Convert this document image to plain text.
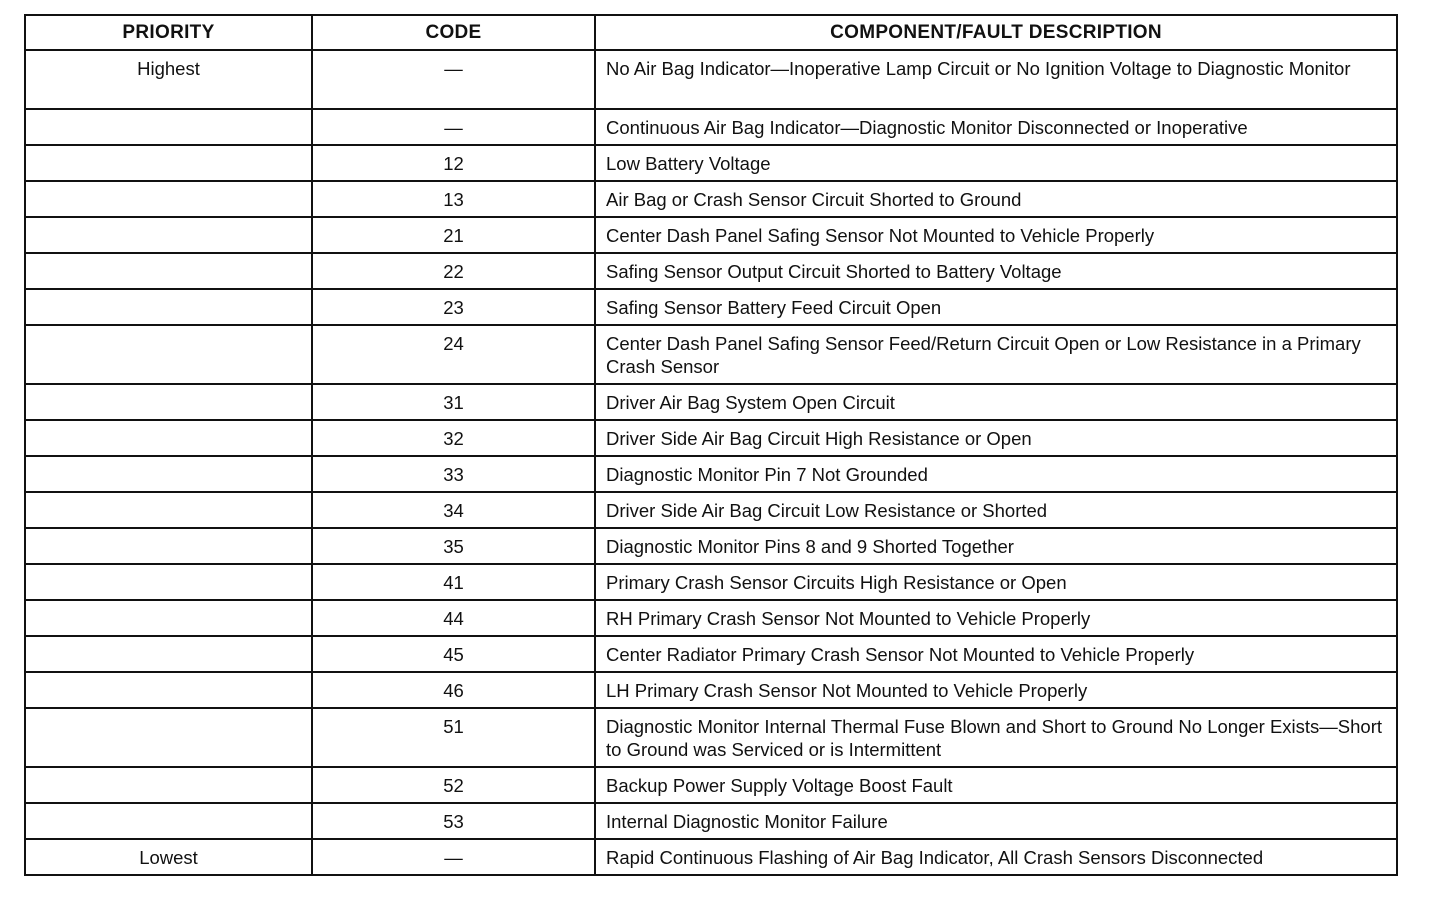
PRIORITY	CODE	COMPONENT/FAULT DESCRIPTION
Highest	—	No Air Bag Indicator—Inoperative Lamp Circuit or No Ignition Voltage to Diagnostic Monitor
	—	Continuous Air Bag Indicator—Diagnostic Monitor Disconnected or Inoperative
	12	Low Battery Voltage
	13	Air Bag or Crash Sensor Circuit Shorted to Ground
	21	Center Dash Panel Safing Sensor Not Mounted to Vehicle Properly
	22	Safing Sensor Output Circuit Shorted to Battery Voltage
	23	Safing Sensor Battery Feed Circuit Open
	24	Center Dash Panel Safing Sensor Feed/Return Circuit Open or Low Resistance in a Primary Crash Sensor
	31	Driver Air Bag System Open Circuit
	32	Driver Side Air Bag Circuit High Resistance or Open
	33	Diagnostic Monitor Pin 7 Not Grounded
	34	Driver Side Air Bag Circuit Low Resistance or Shorted
	35	Diagnostic Monitor Pins 8 and 9 Shorted Together
	41	Primary Crash Sensor Circuits High Resistance or Open
	44	RH Primary Crash Sensor Not Mounted to Vehicle Properly
	45	Center Radiator Primary Crash Sensor Not Mounted to Vehicle Properly
	46	LH Primary Crash Sensor Not Mounted to Vehicle Properly
	51	Diagnostic Monitor Internal Thermal Fuse Blown and Short to Ground No Longer Exists—Short to Ground was Serviced or is Intermittent
	52	Backup Power Supply Voltage Boost Fault
	53	Internal Diagnostic Monitor Failure
Lowest	—	Rapid Continuous Flashing of Air Bag Indicator, All Crash Sensors Disconnected
